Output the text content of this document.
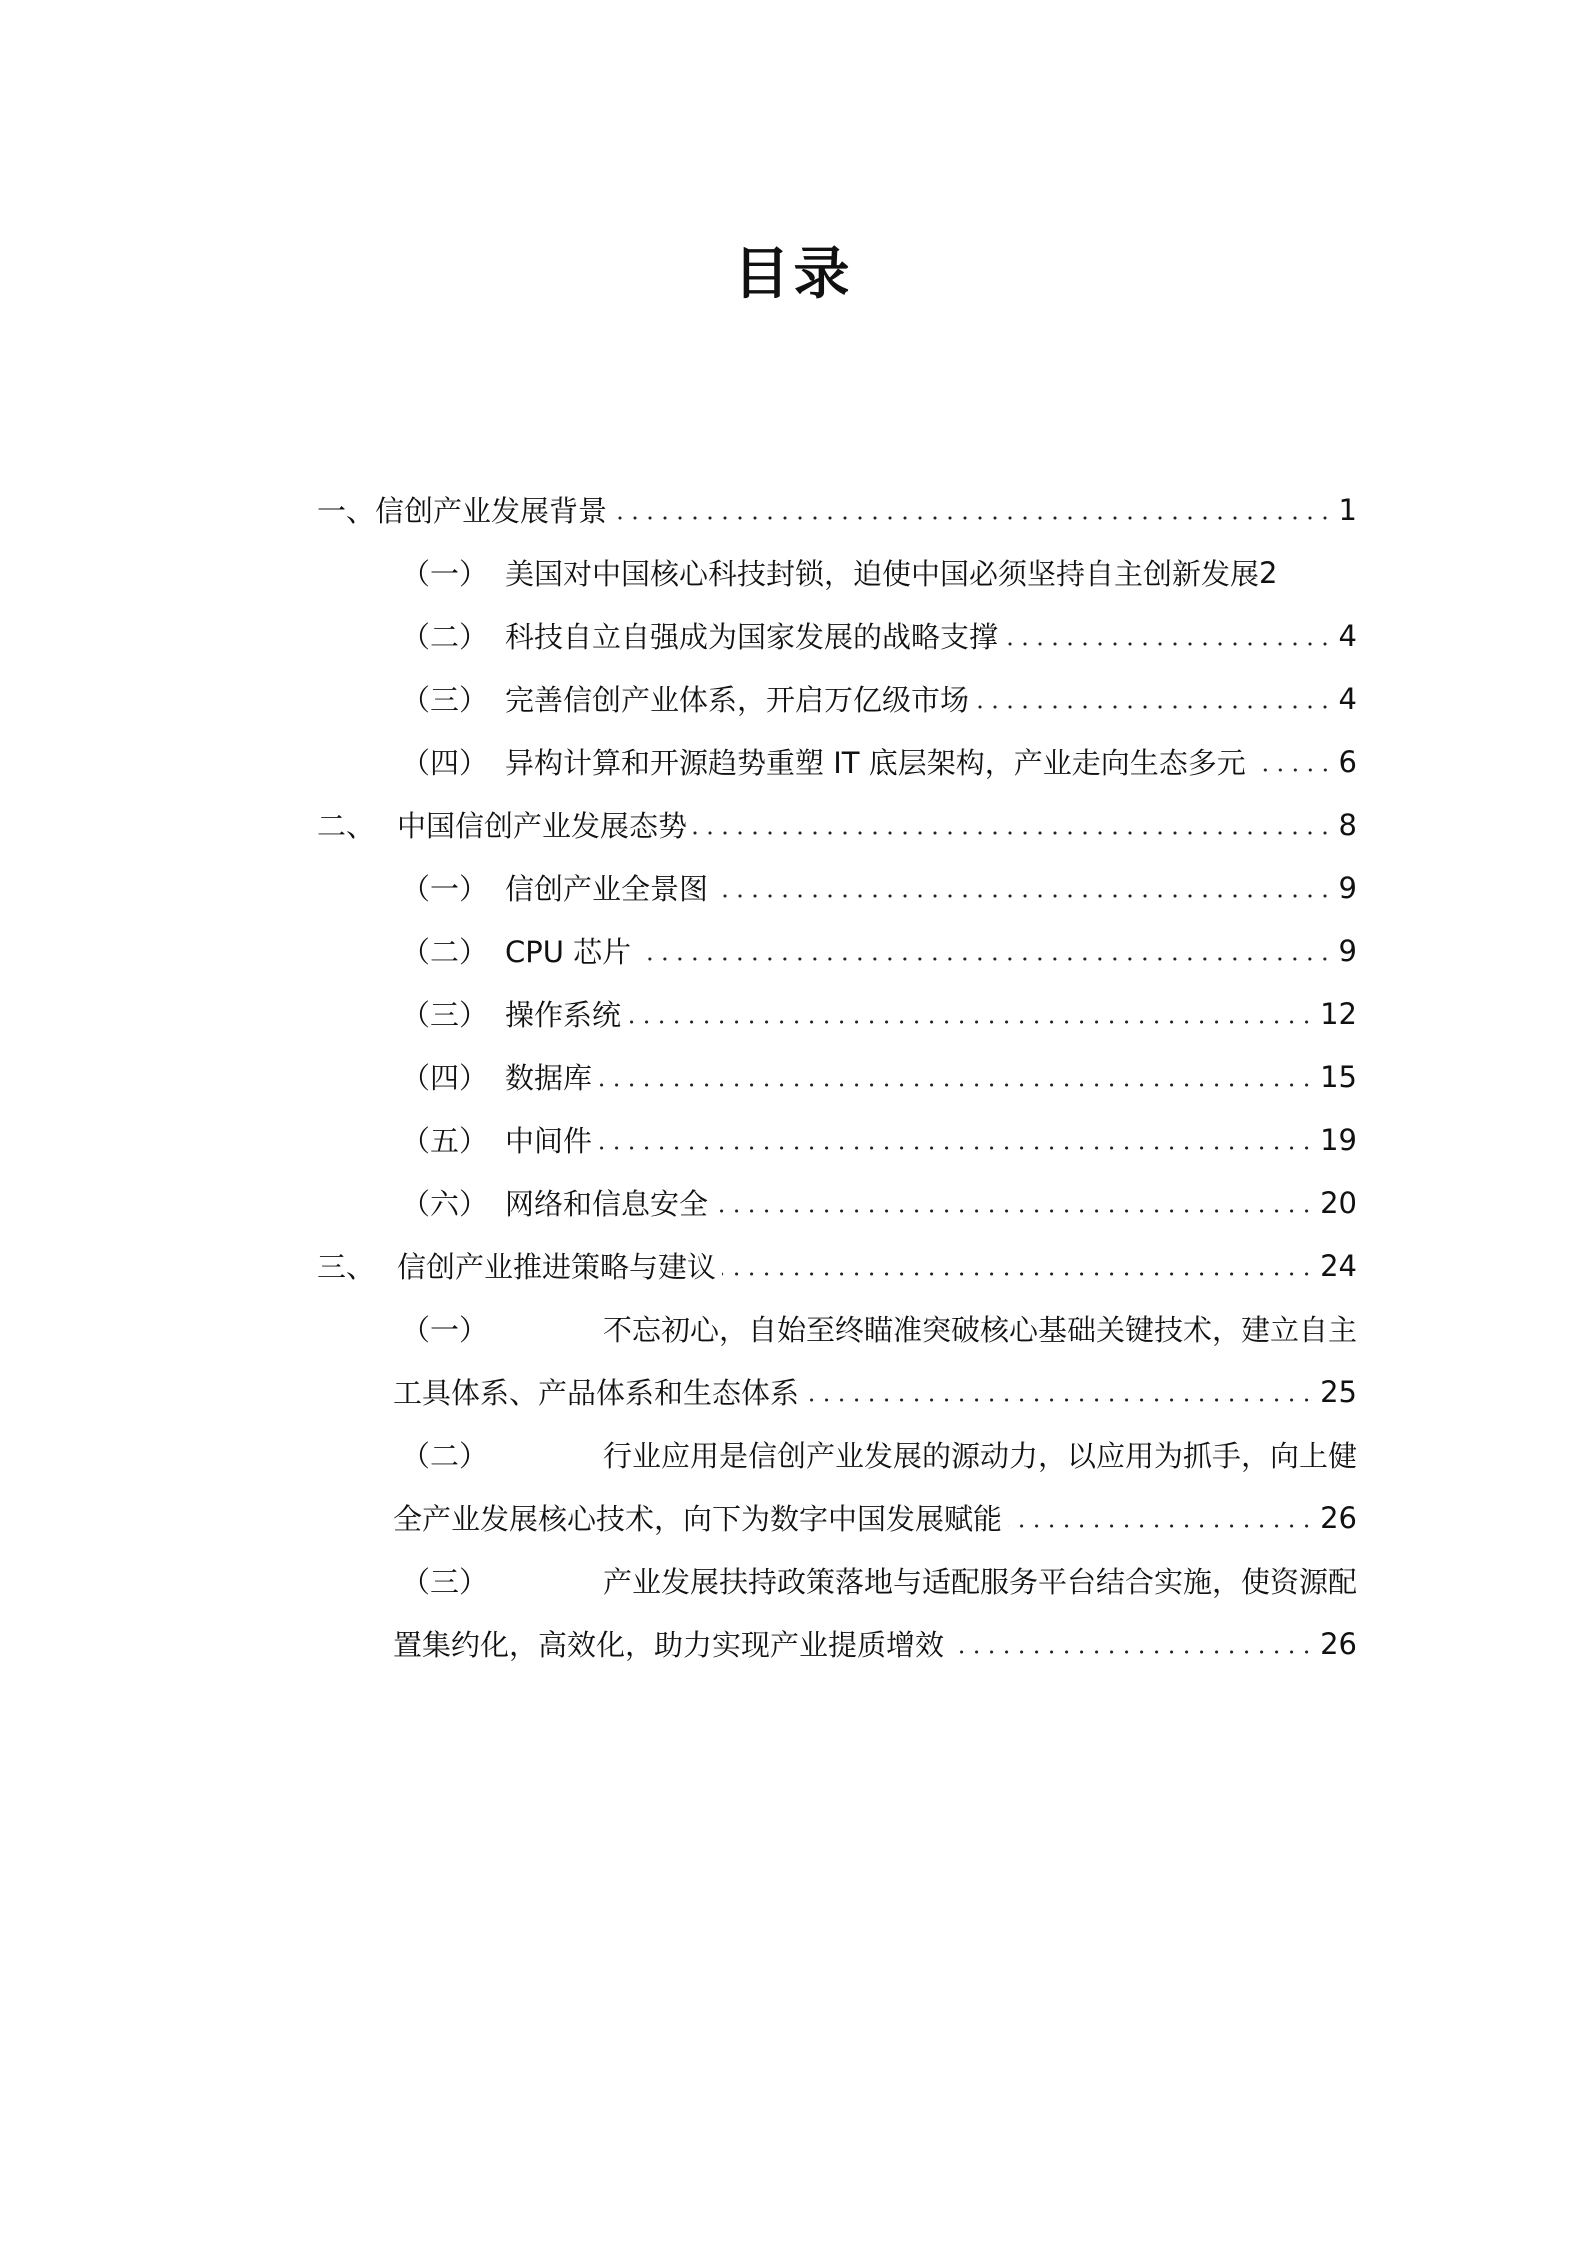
目录
一、 信创产业发展背景	1
（一） 美国对中国核心科技封锁，迫使中国必须坚持自主创新发展 2
（二） 科技自立自强成为国家发展的战略支撑	4
（三） 完善信创产业体系，开启万亿级市场	4
（四） 异构计算和开源趋势重塑 IT 底层架构，产业走向生态多元	6
二、 中国信创产业发展态势	8
（一） 信创产业全景图	9
（二） CPU 芯片	9
（三） 操作系统	12
（四） 数据库	15
（五） 中间件	19
（六） 网络和信息安全	20
三、 信创产业推进策略与建议	24
（一）	不忘初心，自始至终瞄准突破核心基础关键技术，建立自主
工具体系、产品体系和生态体系	25
（二）	行业应用是信创产业发展的源动力，以应用为抓手，向上健
全产业发展核心技术，向下为数字中国发展赋能	26
（三）	产业发展扶持政策落地与适配服务平台结合实施，使资源配
置集约化，高效化，助力实现产业提质增效	26
